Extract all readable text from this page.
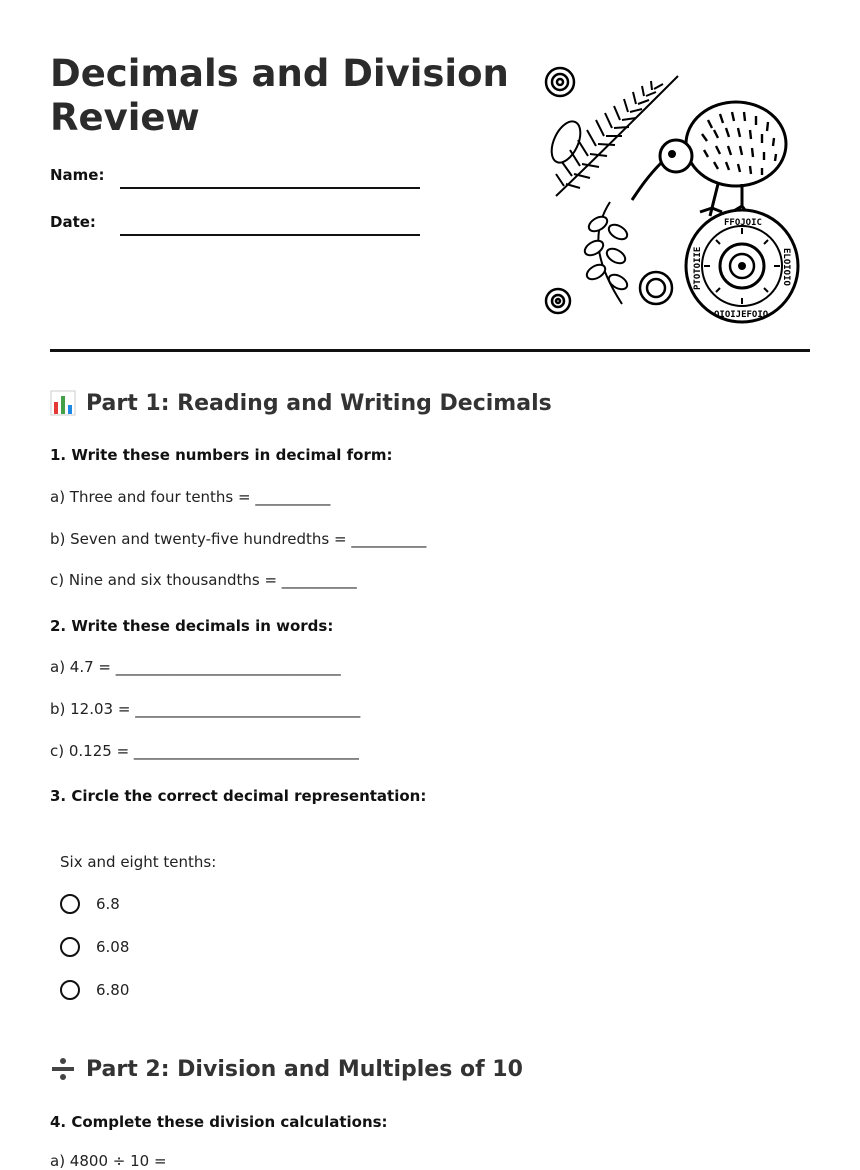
Decimals and Division Review
Name:
Date:	FFOJOIC
ELOIOIO
OIOIJEFOIO
PTOTOIIE
Part 1: Reading and Writing Decimals
1. Write these numbers in decimal form:
a) Three and four tenths = __________
b) Seven and twenty-five hundredths = __________
c) Nine and six thousandths = __________
2. Write these decimals in words:
a) 4.7 = ______________________________
b) 12.03 = ______________________________
c) 0.125 = ______________________________
3. Circle the correct decimal representation:
Six and eight tenths:
6.8
6.08
6.80
Part 2: Division and Multiples of 10
4. Complete these division calculations:
a) 4800 ÷ 10 =
